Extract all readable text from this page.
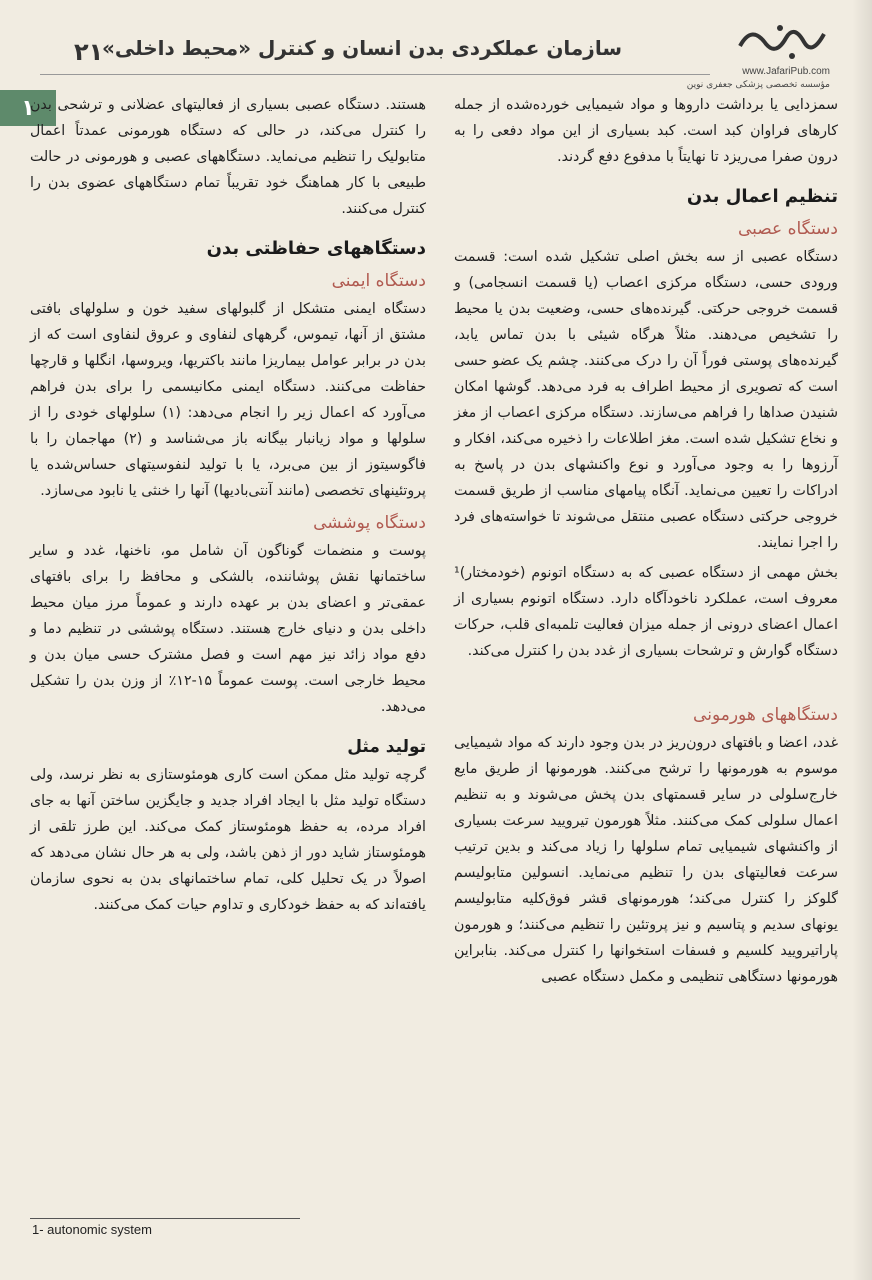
۲۱
سازمان عملکردی بدن انسان و کنترل «محیط داخلی»
www.JafariPub.com
مؤسسه تخصصی پزشکی جعفری نوین
۱	سمزدایی یا برداشت داروها و مواد شیمیایی خورده‌شده از جمله کارهای فراوان کبد است. کبد بسیاری از این مواد دفعی را به درون صفرا می‌ریزد تا نهایتاً با مدفوع دفع گردند.

تنظیم اعمال بدن
دستگاه عصبی

دستگاه عصبی از سه بخش اصلی تشکیل شده است: قسمت ورودی حسی، دستگاه مرکزی اعصاب (یا قسمت انسجامی) و قسمت خروجی حرکتی. گیرنده‌های حسی، وضعیت بدن یا محیط را تشخیص می‌دهند. مثلاً هرگاه شیئی با بدن تماس یابد، گیرنده‌های پوستی فوراً آن را درک می‌کنند. چشم یک عضو حسی است که تصویری از محیط اطراف به فرد می‌دهد. گوشها امکان شنیدن صداها را فراهم می‌سازند. دستگاه مرکزی اعصاب از مغز و نخاع تشکیل شده است. مغز اطلاعات را ذخیره می‌کند، افکار و آرزوها را به وجود می‌آورد و نوع واکنشهای بدن در پاسخ به ادراکات را تعیین می‌نماید. آنگاه پیامهای مناسب از طریق قسمت خروجی حرکتی دستگاه عصبی منتقل می‌شوند تا خواسته‌های فرد را اجرا نمایند.

بخش مهمی از دستگاه عصبی که به دستگاه اتونوم (خودمختار)¹ معروف است، عملکرد ناخودآگاه دارد. دستگاه اتونوم بسیاری از اعمال اعضای درونی از جمله میزان فعالیت تلمبه‌ای قلب، حرکات دستگاه گوارش و ترشحات بسیاری از غدد بدن را کنترل می‌کند.

دستگاههای هورمونی

غدد، اعضا و بافتهای درون‌ریز در بدن وجود دارند که مواد شیمیایی موسوم به هورمونها را ترشح می‌کنند. هورمونها از طریق مایع خارج‌سلولی در سایر قسمتهای بدن پخش می‌شوند و به تنظیم اعمال سلولی کمک می‌کنند. مثلاً هورمون تیرویید سرعت بسیاری از واکنشهای شیمیایی تمام سلولها را زیاد می‌کند و بدین ترتیب سرعت فعالیتهای بدن را تنظیم می‌نماید. انسولین متابولیسم گلوکز را کنترل می‌کند؛ هورمونهای قشر فوق‌کلیه متابولیسم یونهای سدیم و پتاسیم و نیز پروتئین را تنظیم می‌کنند؛ و هورمون پاراتیرویید کلسیم و فسفات استخوانها را کنترل می‌کند. بنابراین هورمونها دستگاهی تنظیمی و مکمل دستگاه عصبی

هستند. دستگاه عصبی بسیاری از فعالیتهای عضلانی و ترشحی بدن را کنترل می‌کند، در حالی که دستگاه هورمونی عمدتاً اعمال متابولیک را تنظیم می‌نماید. دستگاههای عصبی و هورمونی در حالت طبیعی با کار هماهنگ خود تقریباً تمام دستگاههای عضوی بدن را کنترل می‌کنند.

دستگاههای حفاظتی بدن
دستگاه ایمنی

دستگاه ایمنی متشکل از گلبولهای سفید خون و سلولهای بافتی مشتق از آنها، تیموس، گرههای لنفاوی و عروق لنفاوی است که از بدن در برابر عوامل بیماریزا مانند باکتریها، ویروسها، انگلها و قارچها حفاظت می‌کنند. دستگاه ایمنی مکانیسمی را برای بدن فراهم می‌آورد که اعمال زیر را انجام می‌دهد: (۱) سلولهای خودی را از سلولها و مواد زیانبار بیگانه باز می‌شناسد و (۲) مهاجمان را با فاگوسیتوز از بین می‌برد، یا با تولید لنفوسیتهای حساس‌شده یا پروتئینهای تخصصی (مانند آنتی‌بادیها) آنها را خنثی یا نابود می‌سازد.

دستگاه پوششی

پوست و منضمات گوناگون آن شامل مو، ناخنها، غدد و سایر ساختمانها نقش پوشاننده، بالشکی و محافظ را برای بافتهای عمقی‌تر و اعضای بدن بر عهده دارند و عموماً مرز میان محیط داخلی بدن و دنیای خارج هستند. دستگاه پوششی در تنظیم دما و دفع مواد زائد نیز مهم است و فصل مشترک حسی میان بدن و محیط خارجی است. پوست عموماً ۱۵-۱۲٪ از وزن بدن را تشکیل می‌دهد.

تولید مثل

گرچه تولید مثل ممکن است کاری هومئوستازی به نظر نرسد، ولی دستگاه تولید مثل با ایجاد افراد جدید و جایگزین ساختن آنها به جای افراد مرده، به حفظ هومئوستاز کمک می‌کند. این طرز تلقی از هومئوستاز شاید دور از ذهن باشد، ولی به هر حال نشان می‌دهد که اصولاً در یک تحلیل کلی، تمام ساختمانهای بدن به نحوی سازمان یافته‌اند که به حفظ خودکاری و تداوم حیات کمک می‌کنند.

1- autonomic system
